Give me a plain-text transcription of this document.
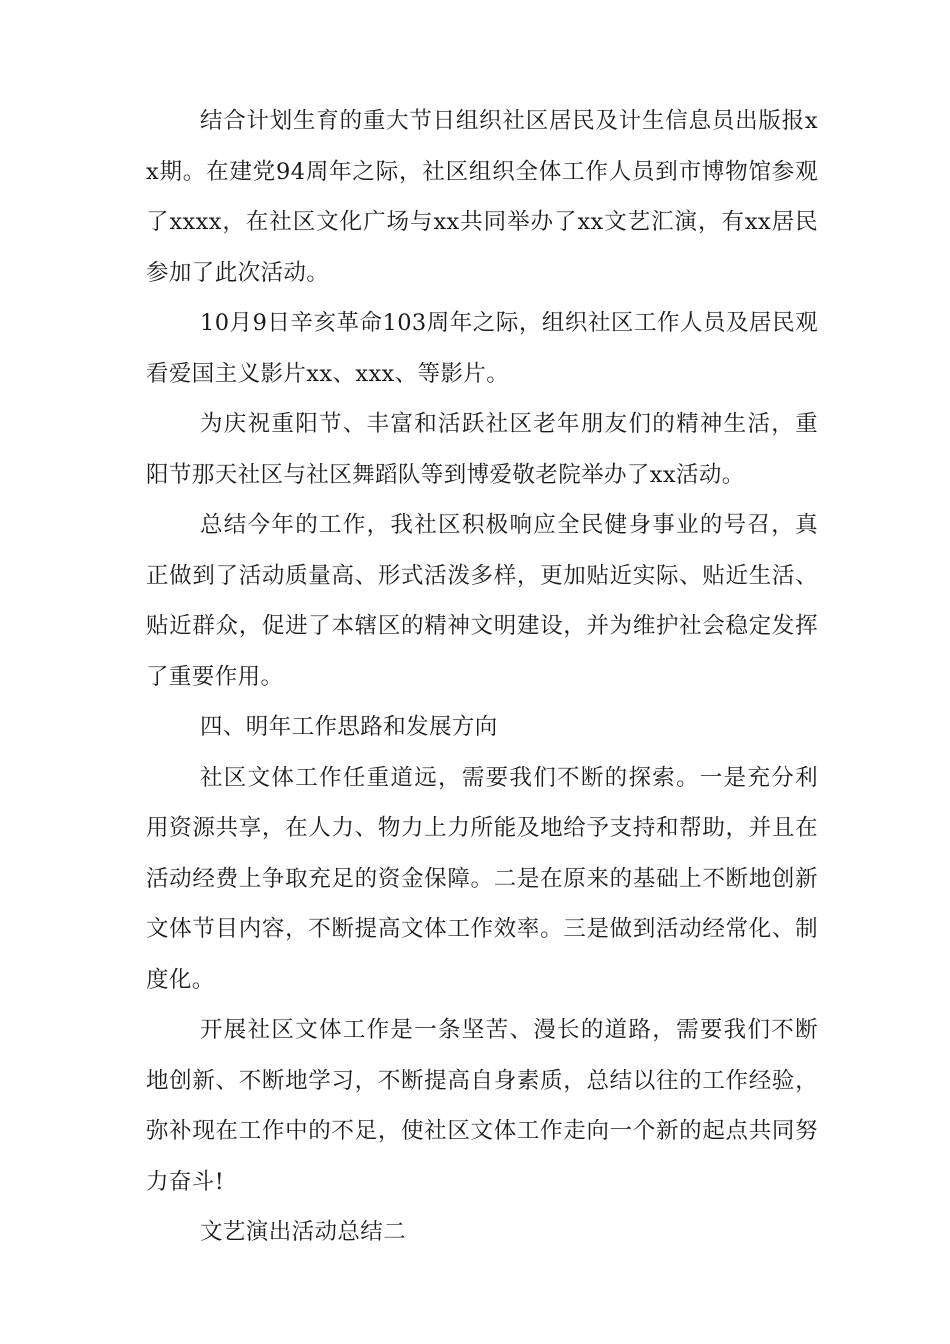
结合计划生育的重大节日组织社区居民及计生信息员出版报xx期。在建党94周年之际，社区组织全体工作人员到市博物馆参观了xxxx，在社区文化广场与xx共同举办了xx文艺汇演，有xx居民参加了此次活动。

10月9日辛亥革命103周年之际，组织社区工作人员及居民观看爱国主义影片xx、xxx、等影片。

为庆祝重阳节、丰富和活跃社区老年朋友们的精神生活，重阳节那天社区与社区舞蹈队等到博爱敬老院举办了xx活动。

总结今年的工作，我社区积极响应全民健身事业的号召，真正做到了活动质量高、形式活泼多样，更加贴近实际、贴近生活、贴近群众，促进了本辖区的精神文明建设，并为维护社会稳定发挥了重要作用。

四、明年工作思路和发展方向

社区文体工作任重道远，需要我们不断的探索。一是充分利用资源共享，在人力、物力上力所能及地给予支持和帮助，并且在活动经费上争取充足的资金保障。二是在原来的基础上不断地创新文体节目内容，不断提高文体工作效率。三是做到活动经常化、制度化。

开展社区文体工作是一条坚苦、漫长的道路，需要我们不断地创新、不断地学习，不断提高自身素质，总结以往的工作经验，弥补现在工作中的不足，使社区文体工作走向一个新的起点共同努力奋斗!

文艺演出活动总结二
